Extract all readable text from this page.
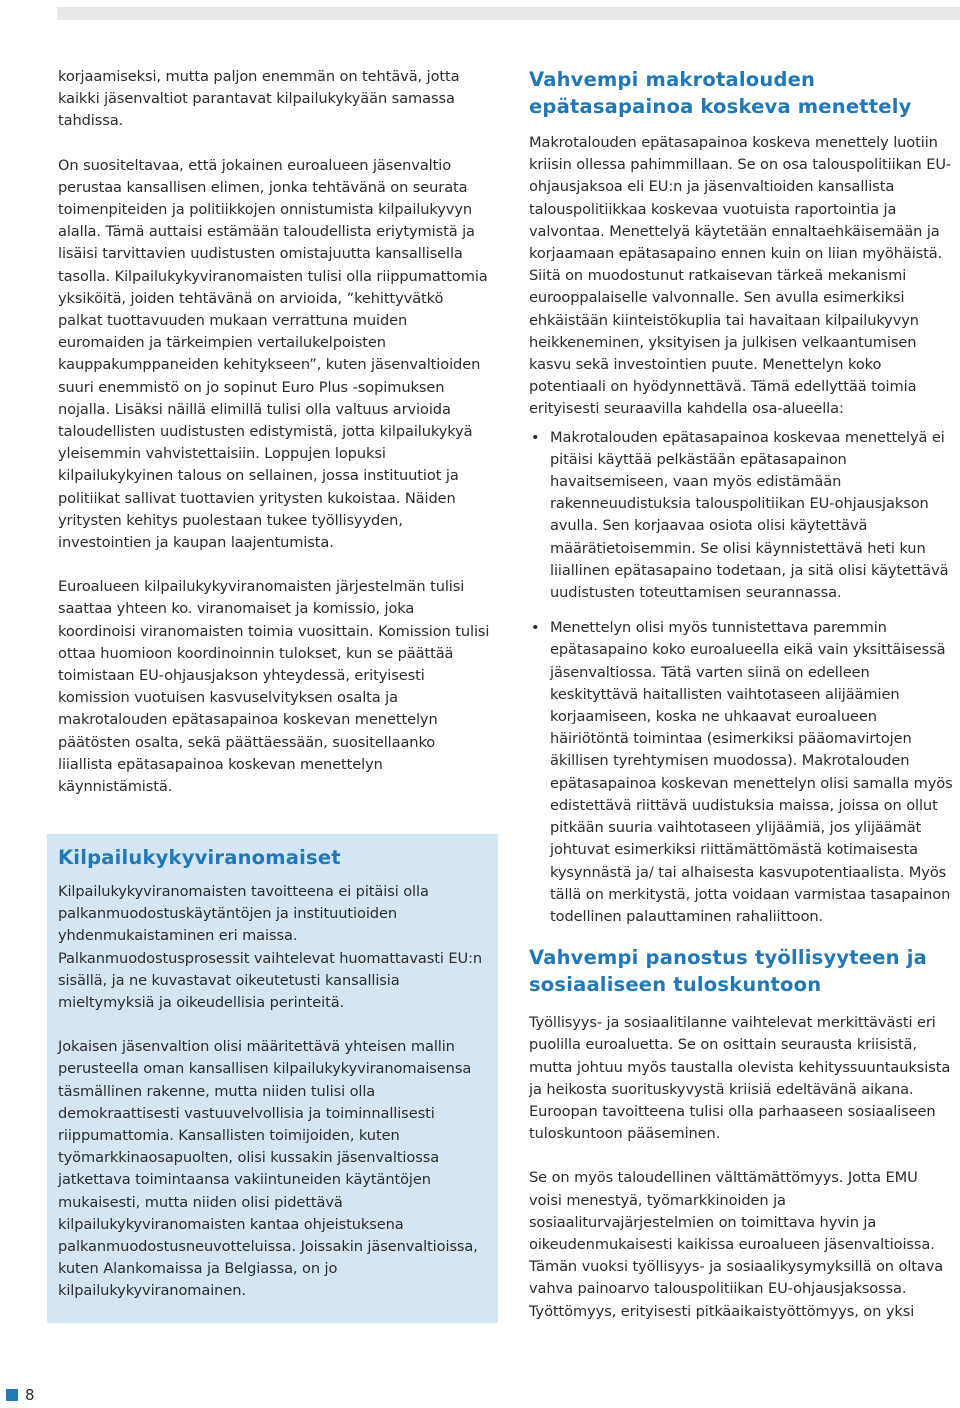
korjaamiseksi, mutta paljon enemmän on tehtävä, jotta kaikki jäsenvaltiot parantavat kilpailukykyään samassa tahdissa.

On suositeltavaa, että jokainen euroalueen jäsenvaltio perustaa kansallisen elimen, jonka tehtävänä on seurata toimenpiteiden ja politiikkojen onnistumista kilpailukyvyn alalla. Tämä auttaisi estämään taloudellista eriytymistä ja lisäisi tarvittavien uudistusten omistajuutta kansallisella tasolla. Kilpailukykyviranomaisten tulisi olla riippumattomia yksiköitä, joiden tehtävänä on arvioida, ”kehittyvätkö palkat tuottavuuden mukaan verrattuna muiden euromaiden ja tärkeimpien vertailukelpoisten kauppakumppaneiden kehitykseen”, kuten jäsenvaltioiden suuri enemmistö on jo sopinut Euro Plus -sopimuksen nojalla. Lisäksi näillä elimillä tulisi olla valtuus arvioida taloudellisten uudistusten edistymistä, jotta kilpailukykyä yleisemmin vahvistettaisiin. Loppujen lopuksi kilpailukykyinen talous on sellainen, jossa instituutiot ja politiikat sallivat tuottavien yritysten kukoistaa. Näiden yritysten kehitys puolestaan tukee työllisyyden, investointien ja kaupan laajentumista.

Euroalueen kilpailukykyviranomaisten järjestelmän tulisi saattaa yhteen ko. viranomaiset ja komissio, joka koordinoisi viranomaisten toimia vuosittain. Komission tulisi ottaa huomioon koordinoinnin tulokset, kun se päättää toimistaan EU-ohjausjakson yhteydessä, erityisesti komission vuotuisen kasvuselvityksen osalta ja makrotalouden epätasapainoa koskevan menettelyn päätösten osalta, sekä päättäessään, suositellaanko liiallista epätasapainoa koskevan menettelyn käynnistämistä.

Kilpailukykyviranomaiset

Kilpailukykyviranomaisten tavoitteena ei pitäisi olla palkanmuodostuskäytäntöjen ja instituutioiden yhdenmukaistaminen eri maissa. Palkanmuodostusprosessit vaihtelevat huomattavasti EU:n sisällä, ja ne kuvastavat oikeutetusti kansallisia mieltymyksiä ja oikeudellisia perinteitä.

Jokaisen jäsenvaltion olisi määritettävä yhteisen mallin perusteella oman kansallisen kilpailukykyviranomaisensa täsmällinen rakenne, mutta niiden tulisi olla demokraattisesti vastuuvelvollisia ja toiminnallisesti riippumattomia. Kansallisten toimijoiden, kuten työmarkkinaosapuolten, olisi kussakin jäsenvaltiossa jatkettava toimintaansa vakiintuneiden käytäntöjen mukaisesti, mutta niiden olisi pidettävä kilpailukykyviranomaisten kantaa ohjeistuksena palkanmuodostusneuvotteluissa. Joissakin jäsenvaltioissa, kuten Alankomaissa ja Belgiassa, on jo kilpailukykyviranomainen.

Vahvempi makrotalouden epätasapainoa koskeva menettely

Makrotalouden epätasapainoa koskeva menettely luotiin kriisin ollessa pahimmillaan. Se on osa talouspolitiikan EU-ohjausjaksoa eli EU:n ja jäsenvaltioiden kansallista talouspolitiikkaa koskevaa vuotuista raportointia ja valvontaa. Menettelyä käytetään ennaltaehkäisemään ja korjaamaan epätasapaino ennen kuin on liian myöhäistä. Siitä on muodostunut ratkaisevan tärkeä mekanismi eurooppalaiselle valvonnalle. Sen avulla esimerkiksi ehkäistään kiinteistökuplia tai havaitaan kilpailukyvyn heikkeneminen, yksityisen ja julkisen velkaantumisen kasvu sekä investointien puute. Menettelyn koko potentiaali on hyödynnettävä. Tämä edellyttää toimia erityisesti seuraavilla kahdella osa-alueella:

• Makrotalouden epätasapainoa koskevaa menettelyä ei pitäisi käyttää pelkästään epätasapainon havaitsemiseen, vaan myös edistämään rakenneuudistuksia talouspolitiikan EU-ohjausjakson avulla. Sen korjaavaa osiota olisi käytettävä määrätietoisemmin. Se olisi käynnistettävä heti kun liiallinen epätasapaino todetaan, ja sitä olisi käytettävä uudistusten toteuttamisen seurannassa.
• Menettelyn olisi myös tunnistettava paremmin epätasapaino koko euroalueella eikä vain yksittäisessä jäsenvaltiossa. Tätä varten siinä on edelleen keskityttävä haitallisten vaihtotaseen alijäämien korjaamiseen, koska ne uhkaavat euroalueen häiriötöntä toimintaa (esimerkiksi pääomavirtojen äkillisen tyrehtymisen muodossa). Makrotalouden epätasapainoa koskevan menettelyn olisi samalla myös edistettävä riittävä uudistuksia maissa, joissa on ollut pitkään suuria vaihtotaseen ylijäämiä, jos ylijäämät johtuvat esimerkiksi riittämättömästä kotimaisesta kysynnästä ja/ tai alhaisesta kasvupotentiaalista. Myös tällä on merkitystä, jotta voidaan varmistaa tasapainon todellinen palauttaminen rahaliittoon.
Vahvempi panostus työllisyyteen ja sosiaaliseen tuloskuntoon

Työllisyys- ja sosiaalitilanne vaihtelevat merkittävästi eri puolilla euroaluetta. Se on osittain seurausta kriisistä, mutta johtuu myös taustalla olevista kehityssuuntauksista ja heikosta suorituskyvystä kriisiä edeltävänä aikana. Euroopan tavoitteena tulisi olla parhaaseen sosiaaliseen tuloskuntoon pääseminen.

Se on myös taloudellinen välttämättömyys. Jotta EMU voisi menestyä, työmarkkinoiden ja sosiaaliturvajärjestelmien on toimittava hyvin ja oikeudenmukaisesti kaikissa euroalueen jäsenvaltioissa. Tämän vuoksi työllisyys- ja sosiaalikysymyksillä on oltava vahva painoarvo talouspolitiikan EU-ohjausjaksossa. Työttömyys, erityisesti pitkäaikaistyöttömyys, on yksi

8
